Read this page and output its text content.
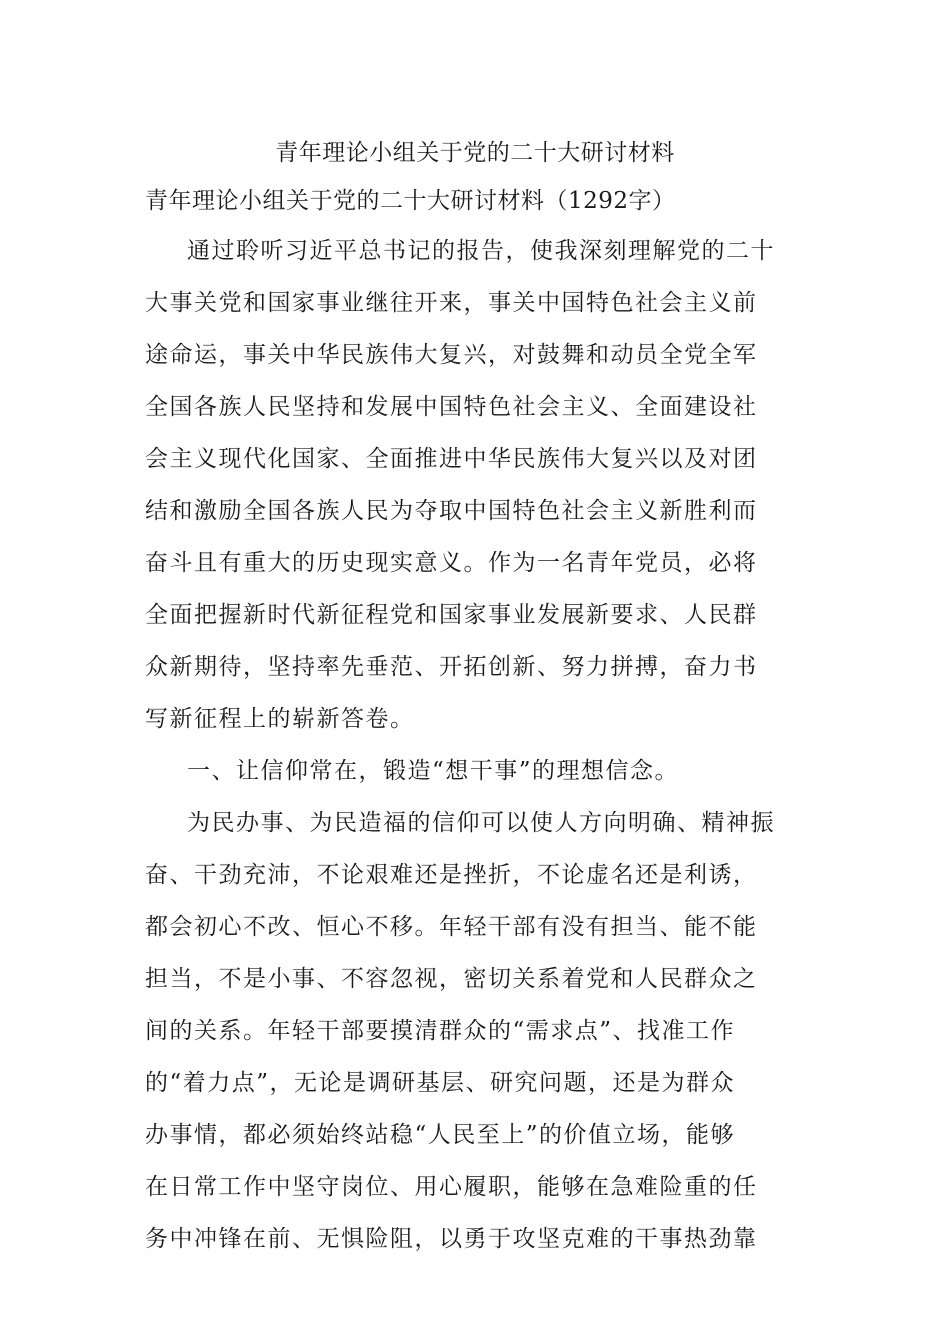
青年理论小组关于党的二十大研讨材料
青年理论小组关于党的二十大研讨材料（1292字）
通过聆听习近平总书记的报告，使我深刻理解党的二十
大事关党和国家事业继往开来，事关中国特色社会主义前
途命运，事关中华民族伟大复兴，对鼓舞和动员全党全军
全国各族人民坚持和发展中国特色社会主义、全面建设社
会主义现代化国家、全面推进中华民族伟大复兴以及对团
结和激励全国各族人民为夺取中国特色社会主义新胜利而
奋斗且有重大的历史现实意义。作为一名青年党员，必将
全面把握新时代新征程党和国家事业发展新要求、人民群
众新期待，坚持率先垂范、开拓创新、努力拼搏，奋力书
写新征程上的崭新答卷。
一、让信仰常在，锻造“想干事”的理想信念。
为民办事、为民造福的信仰可以使人方向明确、精神振
奋、干劲充沛，不论艰难还是挫折，不论虚名还是利诱，
都会初心不改、恒心不移。年轻干部有没有担当、能不能
担当，不是小事、不容忽视，密切关系着党和人民群众之
间的关系。年轻干部要摸清群众的“需求点”、找准工作
的“着力点”，无论是调研基层、研究问题，还是为群众
办事情，都必须始终站稳“人民至上”的价值立场，能够
在日常工作中坚守岗位、用心履职，能够在急难险重的任
务中冲锋在前、无惧险阻，以勇于攻坚克难的干事热劲靠
